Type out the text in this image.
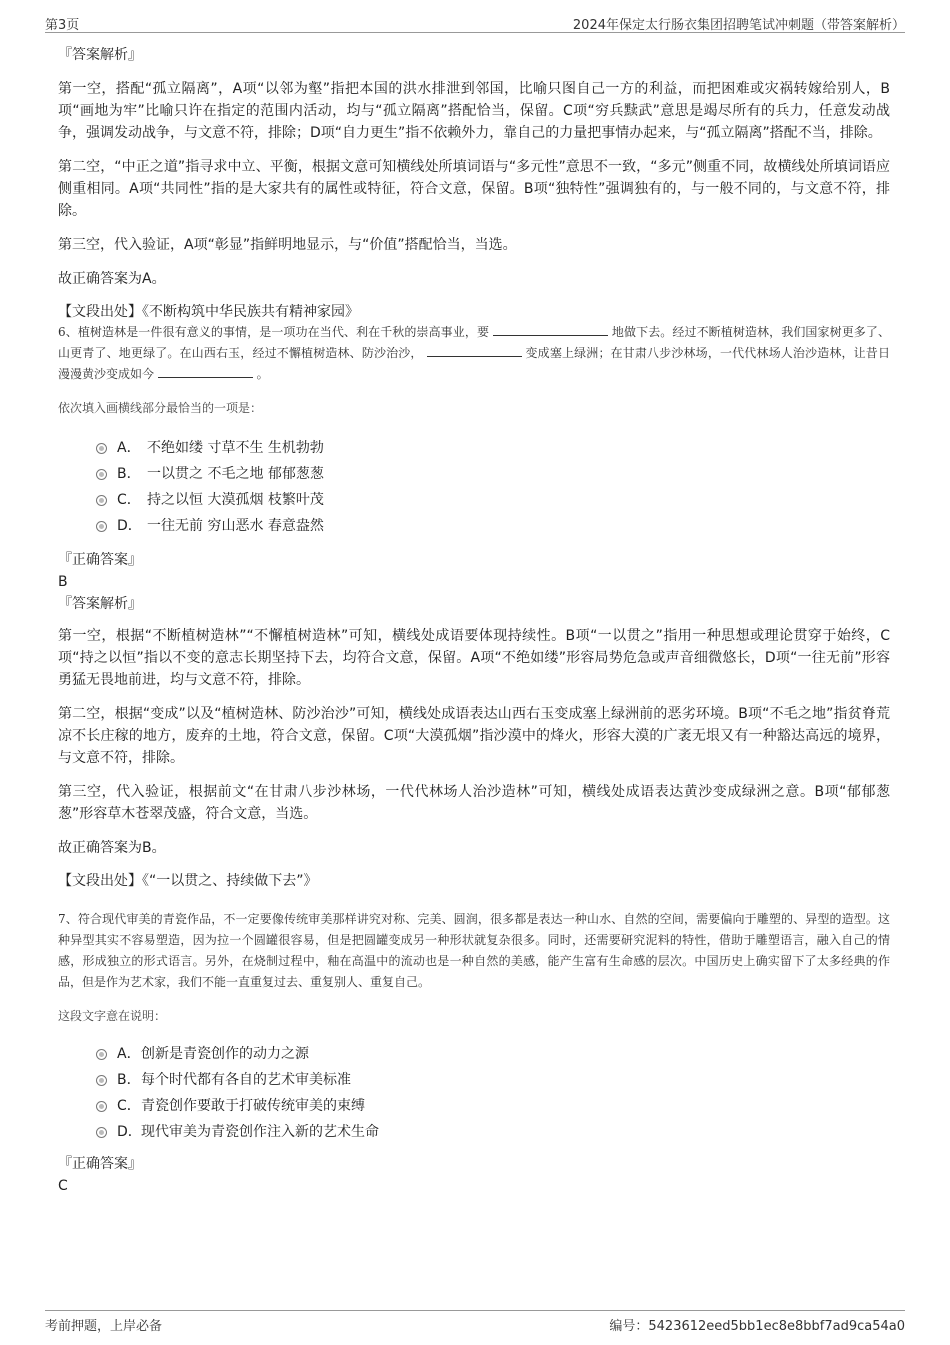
第3页	2024年保定太行肠衣集团招聘笔试冲刺题（带答案解析）

『答案解析』

第一空，搭配“孤立隔离”，A项“以邻为壑”指把本国的洪水排泄到邻国，比喻只图自己一方的利益，而把困难或灾祸转嫁给别人，B项“画地为牢”比喻只许在指定的范围内活动，均与“孤立隔离”搭配恰当，保留。C项“穷兵黩武”意思是竭尽所有的兵力，任意发动战争，强调发动战争，与文意不符，排除；D项“自力更生”指不依赖外力，靠自己的力量把事情办起来，与“孤立隔离”搭配不当，排除。

第二空，“中正之道”指寻求中立、平衡，根据文意可知横线处所填词语与“多元性”意思不一致，“多元”侧重不同，故横线处所填词语应侧重相同。A项“共同性”指的是大家共有的属性或特征，符合文意，保留。B项“独特性”强调独有的，与一般不同的，与文意不符，排除。

第三空，代入验证，A项“彰显”指鲜明地显示，与“价值”搭配恰当，当选。

故正确答案为A。

【文段出处】《不断构筑中华民族共有精神家园》

6、植树造林是一件很有意义的事情，是一项功在当代、利在千秋的崇高事业，要	地做下去。经过不断植树造林，我们国家树更多了、山更青了、地更绿了。在山西右玉，经过不懈植树造林、防沙治沙，	变成塞上绿洲；在甘肃八步沙林场，一代代林场人治沙造林，让昔日漫漫黄沙变成如今	。

依次填入画横线部分最恰当的一项是：

A． 不绝如缕 寸草不生 生机勃勃
B． 一以贯之 不毛之地 郁郁葱葱
C． 持之以恒 大漠孤烟 枝繁叶茂
D． 一往无前 穷山恶水 春意盎然

『正确答案』

B

『答案解析』

第一空，根据“不断植树造林”“不懈植树造林”可知，横线处成语要体现持续性。B项“一以贯之”指用一种思想或理论贯穿于始终，C项“持之以恒”指以不变的意志长期坚持下去，均符合文意，保留。A项“不绝如缕”形容局势危急或声音细微悠长，D项“一往无前”形容勇猛无畏地前进，均与文意不符，排除。

第二空，根据“变成”以及“植树造林、防沙治沙”可知，横线处成语表达山西右玉变成塞上绿洲前的恶劣环境。B项“不毛之地”指贫脊荒凉不长庄稼的地方，废弃的土地，符合文意，保留。C项“大漠孤烟”指沙漠中的烽火，形容大漠的广袤无垠又有一种豁达高远的境界，与文意不符，排除。

第三空，代入验证，根据前文“在甘肃八步沙林场，一代代林场人治沙造林”可知，横线处成语表达黄沙变成绿洲之意。B项“郁郁葱葱”形容草木苍翠茂盛，符合文意，当选。

故正确答案为B。

【文段出处】《“一以贯之、持续做下去”》

7、符合现代审美的青瓷作品，不一定要像传统审美那样讲究对称、完美、圆润，很多都是表达一种山水、自然的空间，需要偏向于雕塑的、异型的造型。这种异型其实不容易塑造，因为拉一个圆罐很容易，但是把圆罐变成另一种形状就复杂很多。同时，还需要研究泥料的特性，借助于雕塑语言，融入自己的情感，形成独立的形式语言。另外，在烧制过程中，釉在高温中的流动也是一种自然的美感，能产生富有生命感的层次。中国历史上确实留下了太多经典的作品，但是作为艺术家，我们不能一直重复过去、重复别人、重复自己。

这段文字意在说明：

A． 创新是青瓷创作的动力之源
B． 每个时代都有各自的艺术审美标准
C． 青瓷创作要敢于打破传统审美的束缚
D． 现代审美为青瓷创作注入新的艺术生命

『正确答案』

C

考前押题，上岸必备	编号：5423612eed5bb1ec8e8bbf7ad9ca54a0
